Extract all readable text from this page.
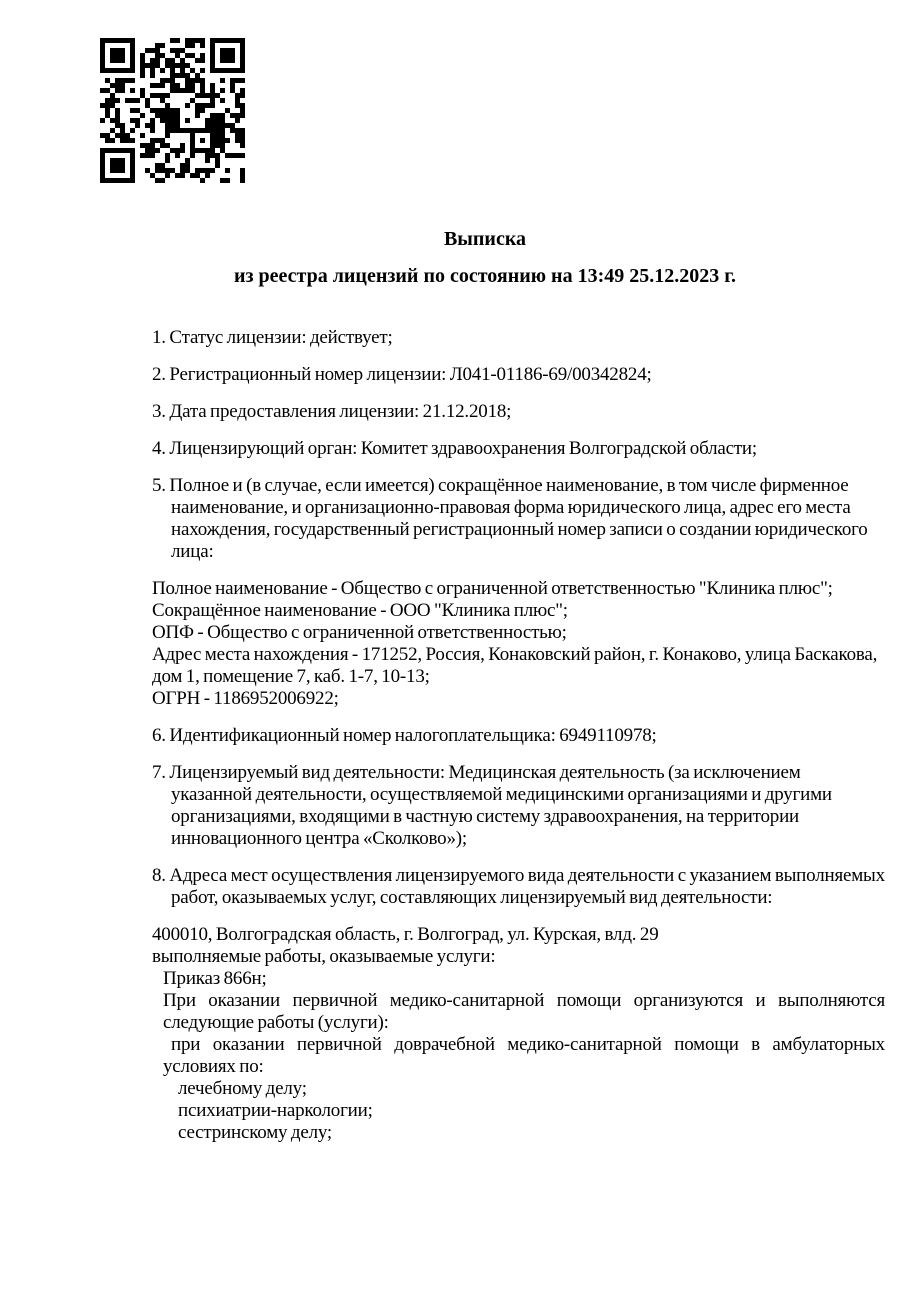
Выписка
из реестра лицензий по состоянию на 13:49 25.12.2023 г.
1. Статус лицензии: действует;
2. Регистрационный номер лицензии: Л041-01186-69/00342824;
3. Дата предоставления лицензии: 21.12.2018;
4. Лицензирующий орган: Комитет здравоохранения Волгоградской области;
5. Полное и (в случае, если имеется) сокращённое наименование, в том числе фирменное наименование, и организационно-правовая форма юридического лица, адрес его места нахождения, государственный регистрационный номер записи о создании юридического лица:
Полное наименование - Общество с ограниченной ответственностью "Клиника плюс";
Сокращённое наименование - ООО "Клиника плюс";
ОПФ - Общество с ограниченной ответственностью;
Адрес места нахождения - 171252, Россия, Конаковский район, г. Конаково, улица Баскакова, дом 1, помещение 7, каб. 1-7, 10-13;
ОГРН - 1186952006922;
6. Идентификационный номер налогоплательщика: 6949110978;
7. Лицензируемый вид деятельности: Медицинская деятельность (за исключением указанной деятельности, осуществляемой медицинскими организациями и другими организациями, входящими в частную систему здравоохранения, на территории инновационного центра «Сколково»);
8. Адреса мест осуществления лицензируемого вида деятельности с указанием выполняемых работ, оказываемых услуг, составляющих лицензируемый вид деятельности:
400010, Волгоградская область, г. Волгоград, ул. Курская, влд. 29
выполняемые работы, оказываемые услуги:
Приказ 866н;
При оказании первичной медико-санитарной помощи организуются и выполняются следующие работы (услуги):
при оказании первичной доврачебной медико-санитарной помощи в амбулаторных условиях по:
лечебному делу;
психиатрии-наркологии;
сестринскому делу;
